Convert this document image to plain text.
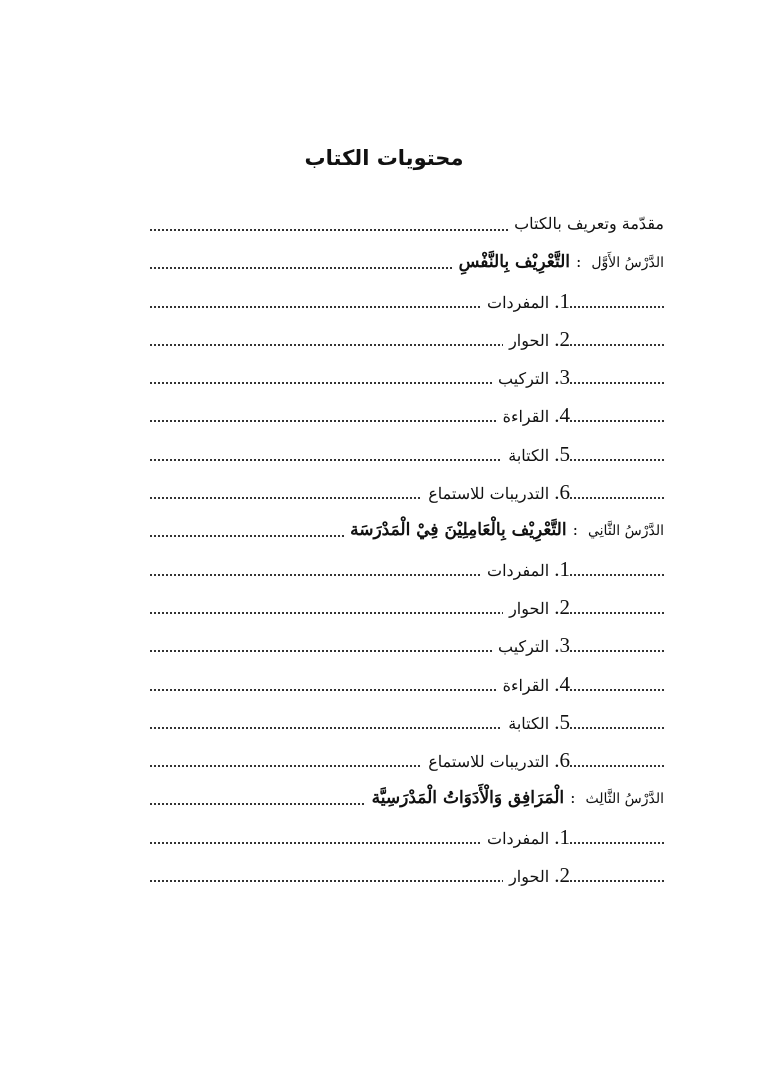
محتويات الكتاب
مقدّمة وتعريف بالكتاب
الدَّرْسُ الأَوَّل:التَّعْرِيْف بِالنَّفْسِ
1. المفردات
2. الحوار
3. التركيب
4. القراءة
5. الكتابة
6. التدريبات للاستماع
الدَّرْسُ الثَّانِي:التَّعْرِيْف بِالْعَامِلِيْنَ فِيْ الْمَدْرَسَة
1. المفردات
2. الحوار
3. التركيب
4. القراءة
5. الكتابة
6. التدريبات للاستماع
الدَّرْسُ الثَّالِث:الْمَرَافِق وَالْأَدَوَاتُ الْمَدْرَسِيَّة
1. المفردات
2. الحوار
